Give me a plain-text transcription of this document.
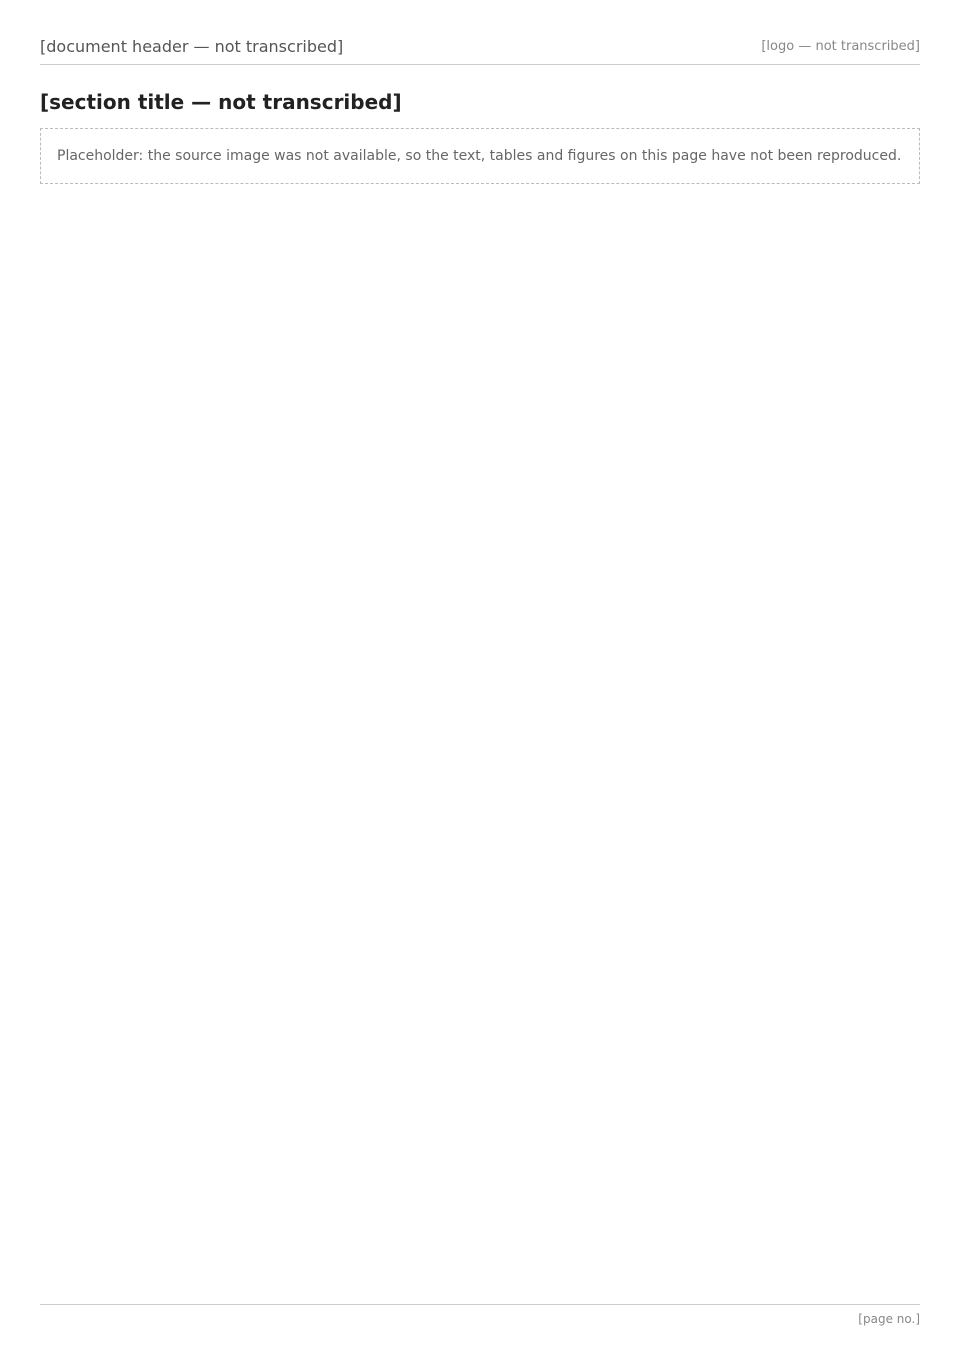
[document header — not transcribed]	[logo — not transcribed]
[section title — not transcribed]
Placeholder: the source image was not available, so the text, tables and figures on this page have not been reproduced.
[page no.]
